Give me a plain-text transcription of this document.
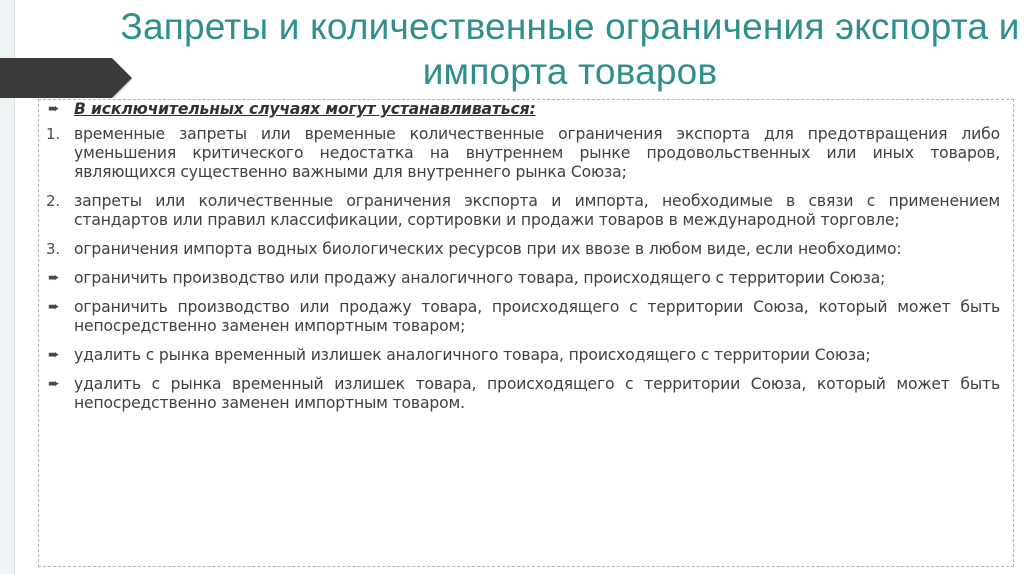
Запреты и количественные ограничения экспорта и импорта товаров
➨ В исключительных случаях могут устанавливаться:
1. временные запреты или временные количественные ограничения экспорта для предотвращения либо уменьшения критического недостатка на внутреннем рынке продовольственных или иных товаров, являющихся существенно важными для внутреннего рынка Союза;
2. запреты или количественные ограничения экспорта и импорта, необходимые в связи с применением стандартов или правил классификации, сортировки и продажи товаров в международной торговле;
3. ограничения импорта водных биологических ресурсов при их ввозе в любом виде, если необходимо:
➨ ограничить производство или продажу аналогичного товара, происходящего с территории Союза;
➨ ограничить производство или продажу товара, происходящего с территории Союза, который может быть непосредственно заменен импортным товаром;
➨ удалить с рынка временный излишек аналогичного товара, происходящего с территории Союза;
➨ удалить с рынка временный излишек товара, происходящего с территории Союза, который может быть непосредственно заменен импортным товаром.
